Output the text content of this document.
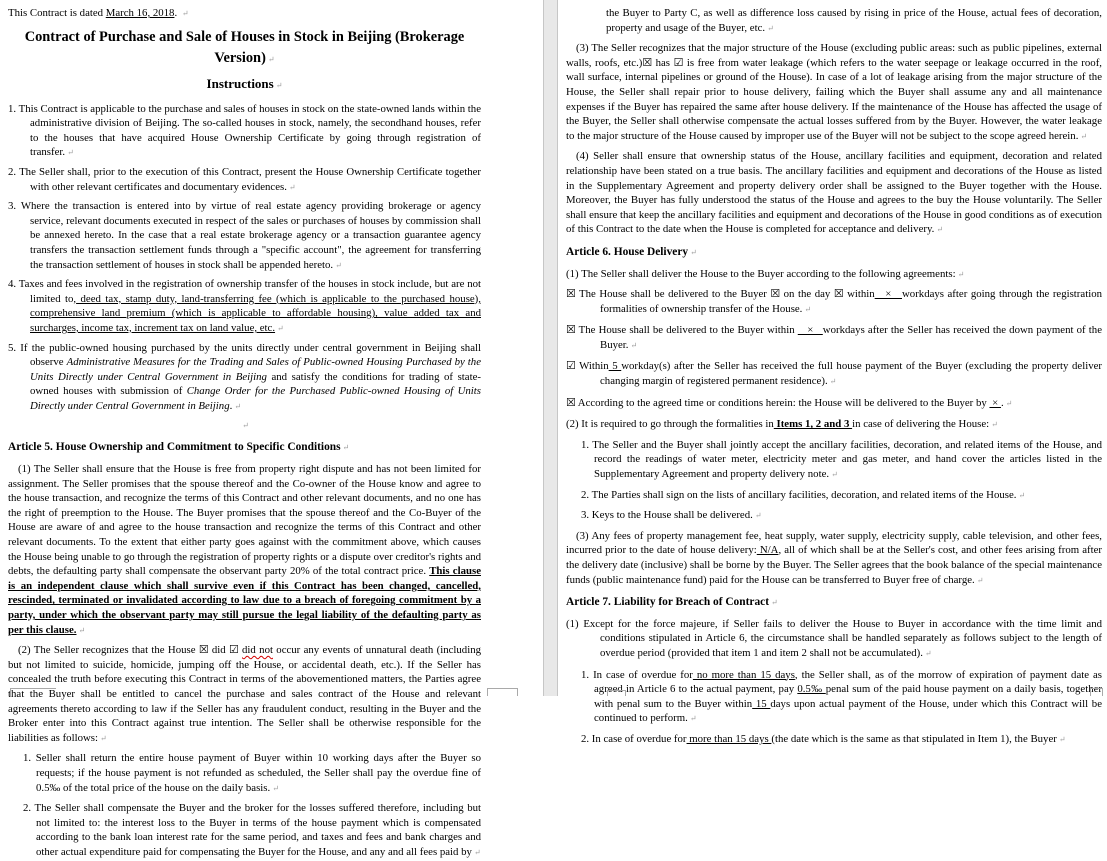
This Contract is dated March 16, 2018. ↵
Contract of Purchase and Sale of Houses in Stock in Beijing (Brokerage Version) ↵
Instructions ↵
1. This Contract is applicable to the purchase and sales of houses in stock on the state-owned lands within the administrative division of Beijing. The so-called houses in stock, namely, the secondhand houses, refer to the houses that have acquired House Ownership Certificate by going through registration of transfer. ↵
2. The Seller shall, prior to the execution of this Contract, present the House Ownership Certificate together with other relevant certificates and documentary evidences. ↵
3. Where the transaction is entered into by virtue of real estate agency providing brokerage or agency service, relevant documents executed in respect of the sales or purchases of houses by commission shall be annexed hereto. In the case that a real estate brokerage agency or a transaction guarantee agency transfers the transaction settlement funds through a "specific account", the agreement for transferring the transaction settlement of houses in stock shall be appended hereto. ↵
4. Taxes and fees involved in the registration of ownership transfer of the houses in stock include, but are not limited to, deed tax, stamp duty, land-transferring fee (which is applicable to the purchased house), comprehensive land premium (which is applicable to affordable housing), value added tax and surcharges, income tax, increment tax on land value, etc. ↵
5. If the public-owned housing purchased by the units directly under central government in Beijing shall observe Administrative Measures for the Trading and Sales of Public-owned Housing Purchased by the Units Directly under Central Government in Beijing and satisfy the conditions for trading of state-owned houses with submission of Change Order for the Purchased Public-owned Housing of Units Directly under Central Government in Beijing. ↵
↵
Article 5. House Ownership and Commitment to Specific Conditions ↵
(1) The Seller shall ensure that the House is free from property right dispute and has not been limited for assignment. The Seller promises that the spouse thereof and the Co-owner of the House know and agree to the house transaction, and recognize the terms of this Contract and other relevant documents, and no one has the right of preemption to the House. The Buyer promises that the spouse thereof and the Co-Buyer of the House are aware of and agree to the house transaction and recognize the terms of this Contract and other relevant documents. To the extent that either party goes against with the commitment above, which causes the House being unable to go through the registration of property rights or a dispute over creditor's rights and debts, the defaulting party shall compensate the observant party 20% of the total contract price. This clause is an independent clause which shall survive even if this Contract has been changed, cancelled, rescinded, terminated or invalidated according to law due to a breach of foregoing commitment by a party, under which the observant party may still pursue the legal liability of the defaulting party as per this clause. ↵
(2) The Seller recognizes that the House ☒ did ☑ did not occur any events of unnatural death (including but not limited to suicide, homicide, jumping off the House, or accidental death, etc.). If the Seller has concealed the truth before executing this Contract in terms of the abovementioned matters, the Parties agree that the Buyer shall be entitled to cancel the purchase and sales contract of the House and relevant agreements thereto according to law if the Seller has any fraudulent conduct, resulting in the Buyer and the Broker enter into this Contract against true intention. The Seller shall be otherwise responsible for the liabilities as follows: ↵
1. Seller shall return the entire house payment of Buyer within 10 working days after the Buyer so requests; if the house payment is not refunded as scheduled, the Seller shall pay the overdue fine of 0.5‰ of the total price of the house on the daily basis. ↵
2. The Seller shall compensate the Buyer and the broker for the losses suffered therefore, including but not limited to: the interest loss to the Buyer in terms of the house payment which is compensated according to the bank loan interest rate for the same period, and taxes and fees and bank charges and other actual expenditure paid for compensating the Buyer for the House, and any and all fees paid by ↵
the Buyer to Party C, as well as difference loss caused by rising in price of the House, actual fees of decoration, property and usage of the Buyer, etc. ↵
(3) The Seller recognizes that the major structure of the House (excluding public areas: such as public pipelines, external walls, roofs, etc.)☒ has ☑ is free from water leakage (which refers to the water seepage or leakage occurred in the roof, wall surface, internal pipelines or ground of the House). In case of a lot of leakage arising from the major structure of the House, the Seller shall repair prior to house delivery, failing which the Buyer shall assume any and all maintenance expenses if the Buyer has repaired the same after house delivery. If the maintenance of the House has affected the usage of the Buyer, the Seller shall otherwise compensate the actual losses suffered from by the Buyer. However, the water leakage to the major structure of the House caused by improper use of the Buyer will not be subject to the scope agreed herein. ↵
(4) Seller shall ensure that ownership status of the House, ancillary facilities and equipment, decoration and related relationship have been stated on a true basis. The ancillary facilities and equipment and decorations of the House as listed in the Supplementary Agreement and property delivery order shall be assigned to the Buyer together with the House. Moreover, the Buyer has fully understood the status of the House and agrees to the buy the House voluntarily. The Seller shall ensure that keep the ancillary facilities and equipment and decorations of the House in good conditions as of execution of this Contract to the date when the House is completed for acceptance and delivery. ↵
Article 6. House Delivery ↵
(1) The Seller shall deliver the House to the Buyer according to the following agreements: ↵
☒ The House shall be delivered to the Buyer ☒ on the day ☒ within   ×   workdays after going through the registration formalities of ownership transfer of the House. ↵
☒ The House shall be delivered to the Buyer within    ×   workdays after the Seller has received the down payment of the Buyer. ↵
☑ Within 5 workday(s) after the Seller has received the full house payment of the Buyer (excluding the property deliver changing margin of registered permanent residence). ↵
☒ According to the agreed time or conditions herein: the House will be delivered to the Buyer by  × . ↵
(2) It is required to go through the formalities in Items 1, 2 and 3 in case of delivering the House: ↵
1. The Seller and the Buyer shall jointly accept the ancillary facilities, decoration, and related items of the House, and record the readings of water meter, electricity meter and gas meter, and hand cover the articles listed in the Supplementary Agreement and property delivery note. ↵
2. The Parties shall sign on the lists of ancillary facilities, decoration, and related items of the House. ↵
3. Keys to the House shall be delivered. ↵
(3) Any fees of property management fee, heat supply, water supply, electricity supply, cable television, and other fees, incurred prior to the date of house delivery: N/A, all of which shall be at the Seller's cost, and other fees arising from after the delivery date (inclusive) shall be borne by the Buyer. The Seller agrees that the book balance of the special maintenance funds (public maintenance fund) paid for the House can be transferred to Buyer free of charge. ↵
Article 7. Liability for Breach of Contract ↵
(1) Except for the force majeure, if Seller fails to deliver the House to Buyer in accordance with the time limit and conditions stipulated in Article 6, the circumstance shall be handled separately as follows subject to the length of overdue period (provided that item 1 and item 2 shall not be accumulated). ↵
1. In case of overdue for no more than 15 days, the Seller shall, as of the morrow of expiration of payment date as agreed in Article 6 to the actual payment, pay 0.5‰ penal sum of the paid house payment on a daily basis, together with penal sum to the Buyer within 15 days upon actual payment of the House, under which this Contract will be continued to perform. ↵
2. In case of overdue for more than 15 days (the date which is the same as that stipulated in Item 1), the Buyer ↵
